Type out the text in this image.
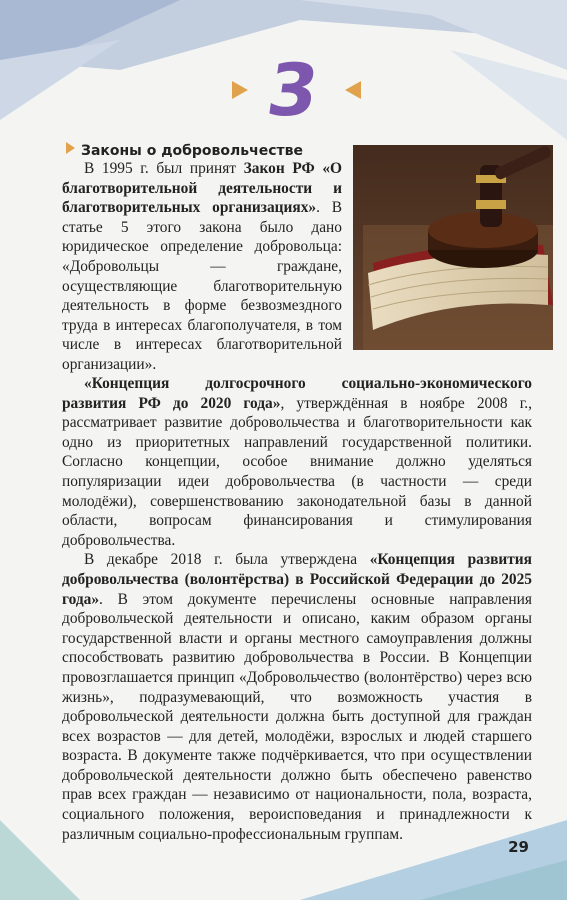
3
Законы о добровольчестве

В 1995 г. был принят Закон РФ «О благотворительной деятельности и благотворительных организациях». В статье 5 этого закона было дано юридическое определение добровольца: «Добровольцы — граждане, осуществляющие благотворительную деятельность в форме безвозмездного труда в интересах благополучателя, в том числе в интересах благотворительной организации».

«Концепция долгосрочного социально-экономического развития РФ до 2020 года», утверждённая в ноябре 2008 г., рассматривает развитие добровольчества и благотворительности как одно из приоритетных направлений государственной политики. Согласно концепции, особое внимание должно уделяться популяризации идеи добровольчества (в частности — среди молодёжи), совершенствованию законодательной базы в данной области, вопросам финансирования и стимулирования добровольчества.

В декабре 2018 г. была утверждена «Концепция развития добровольчества (волонтёрства) в Российской Федерации до 2025 года». В этом документе перечислены основные направления добровольческой деятельности и описано, каким образом органы государственной власти и органы местного самоуправления должны способствовать развитию добровольчества в России. В Концепции провозглашается принцип «Добровольчество (волонтёрство) через всю жизнь», подразумевающий, что возможность участия в добровольческой деятельности должна быть доступной для граждан всех возрастов — для детей, молодёжи, взрослых и людей старшего возраста. В документе также подчёркивается, что при осуществлении добровольческой деятельности должно быть обеспечено равенство прав всех граждан — независимо от национальности, пола, возраста, социального положения, вероисповедания и принадлежности к различным социально-профессиональным группам.

29
